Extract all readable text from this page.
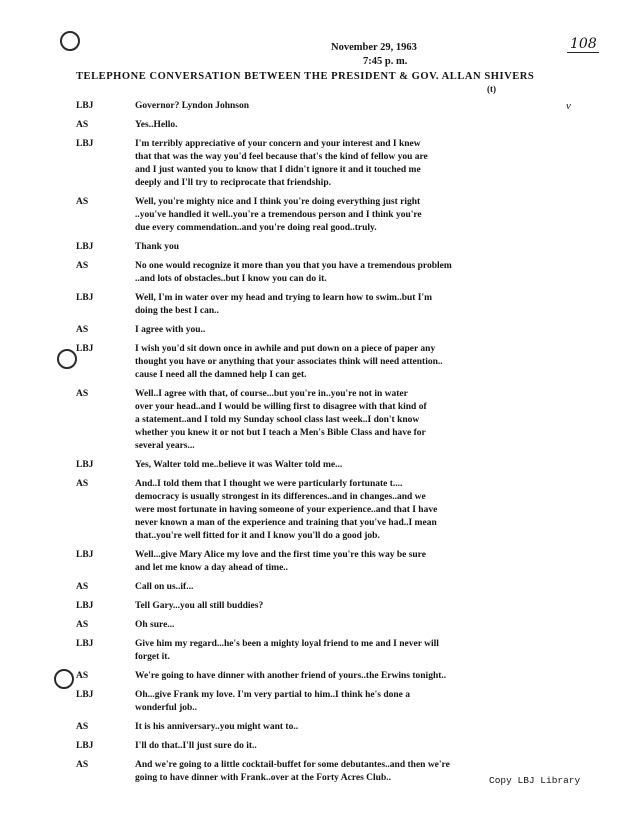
November 29, 1963
7:45 p. m.
108
TELEPHONE CONVERSATION BETWEEN THE PRESIDENT & GOV. ALLAN SHIVERS
(t)
v
LBJ	Governor? Lyndon Johnson
AS	Yes..Hello.
LBJ	I'm terribly appreciative of your concern and your interest and I knew
that that was the way you'd feel because that's the kind of fellow you are
and I just wanted you to know that I didn't ignore it and it touched me
deeply and I'll try to reciprocate that friendship.
AS	Well, you're mighty nice and I think you're doing everything just right
..you've handled it well..you're a tremendous person and I think you're
due every commendation..and you're doing real good..truly.
LBJ	Thank you
AS	No one would recognize it more than you that you have a tremendous problem
..and lots of obstacles..but I know you can do it.
LBJ	Well, I'm in water over my head and trying to learn how to swim..but I'm
doing the best I can..
AS	I agree with you..
LBJ	I wish you'd sit down once in awhile and put down on a piece of paper any
thought you have or anything that your associates think will need attention..
cause I need all the damned help I can get.
AS	Well..I agree with that, of course...but you're in..you're not in water
over your head..and I would be willing first to disagree with that kind of
a statement..and I told my Sunday school class last week..I don't know
whether you knew it or not but I teach a Men's Bible Class and have for
several years...
LBJ	Yes, Walter told me..believe it was Walter told me...
AS	And..I told them that I thought we were particularly fortunate t....
democracy is usually strongest in its differences..and in changes..and we
were most fortunate in having someone of your experience..and that I have
never known a man of the experience and training that you've had..I mean
that..you're well fitted for it and I know you'll do a good job.
LBJ	Well...give Mary Alice my love and the first time you're this way be sure
and let me know a day ahead of time..
AS	Call on us..if...
LBJ	Tell Gary...you all still buddies?
AS	Oh sure...
LBJ	Give him my regard...he's been a mighty loyal friend to me and I never will
forget it.
AS	We're going to have dinner with another friend of yours..the Erwins tonight..
LBJ	Oh...give Frank my love. I'm very partial to him..I think he's done a
wonderful job..
AS	It is his anniversary..you might want to..
LBJ	I'll do that..I'll just sure do it..
AS	And we're going to a little cocktail-buffet for some debutantes..and then we're
going to have dinner with Frank..over at the Forty Acres Club..	Copy LBJ Library
